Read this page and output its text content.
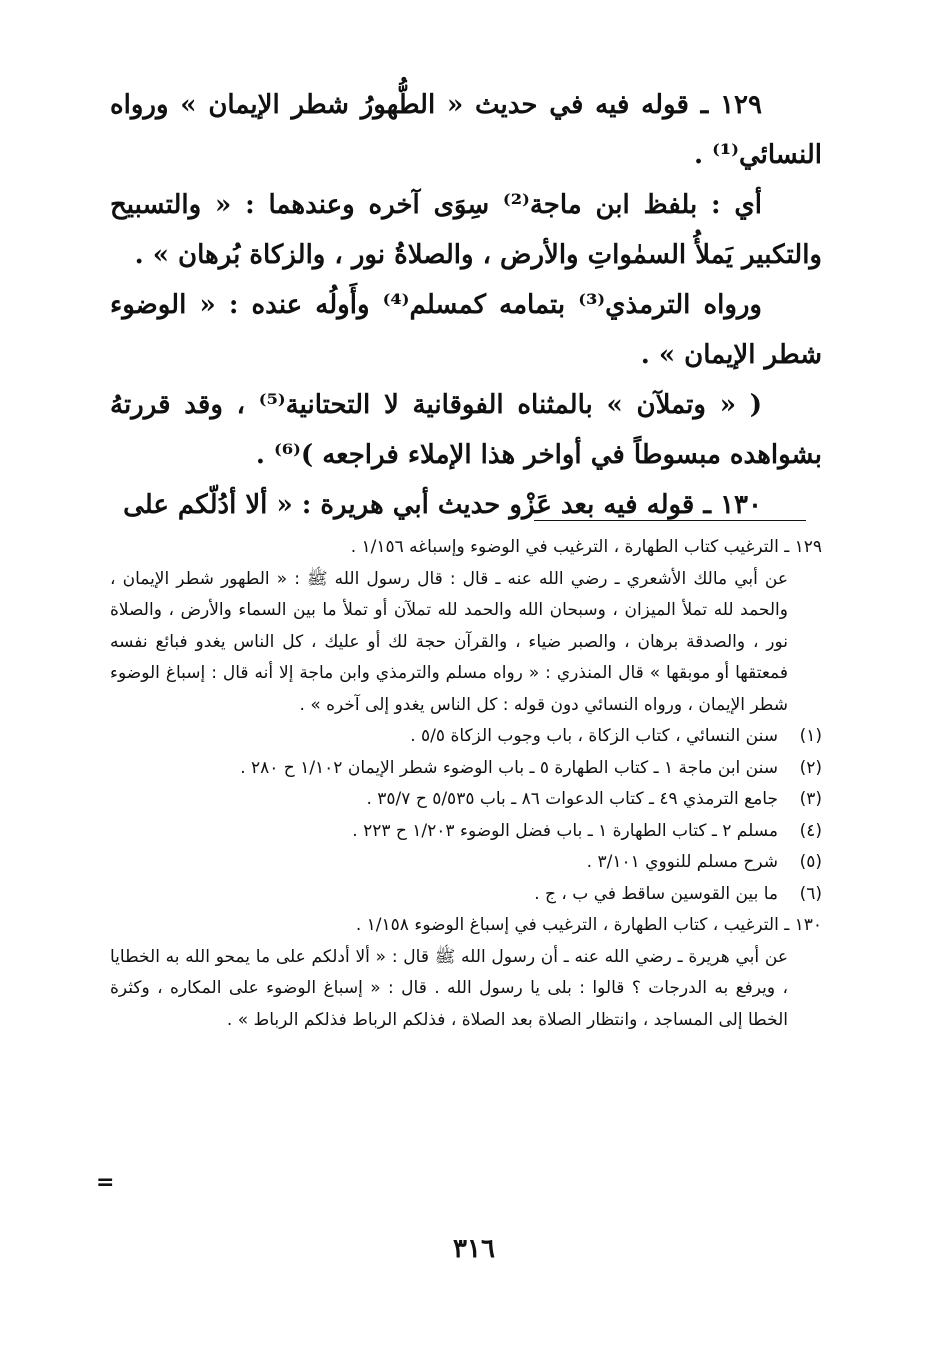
١٢٩ ـ قوله فيه في حديث « الطُّهورُ شطر الإيمان » ورواه النسائي⁽¹⁾ .

أي : بلفظ ابن ماجة⁽²⁾ سِوَى آخره وعندهما : « والتسبيح والتكبير يَملأُ السمٰواتِ والأرض ، والصلاةُ نور ، والزكاة بُرهان » .

ورواه الترمذي⁽³⁾ بتمامه كمسلم⁽⁴⁾ وأَولُه عنده : « الوضوء شطر الإيمان » .

( « وتملآن » بالمثناه الفوقانية لا التحتانية⁽⁵⁾ ، وقد قررتهُ بشواهده مبسوطاً في أواخر هذا الإملاء فراجعه )⁽⁶⁾ .

١٣٠ ـ قوله فيه بعد عَزْو حديث أبي هريرة : « ألا أدُلّكم على

١٢٩ ـ الترغيب كتاب الطهارة ، الترغيب في الوضوء وإسباغه ١/١٥٦ .
عن أبي مالك الأشعري ـ رضي الله عنه ـ قال : قال رسول الله ﷺ : « الطهور شطر الإيمان ، والحمد لله تملأ الميزان ، وسبحان الله والحمد لله تملآن أو تملأ ما بين السماء والأرض ، والصلاة نور ، والصدقة برهان ، والصبر ضياء ، والقرآن حجة لك أو عليك ، كل الناس يغدو فبائع نفسه فمعتقها أو موبقها » قال المنذري : « رواه مسلم والترمذي وابن ماجة إلا أنه قال : إسباغ الوضوء شطر الإيمان ، ورواه النسائي دون قوله : كل الناس يغدو إلى آخره » .
(١)
سنن النسائي ، كتاب الزكاة ، باب وجوب الزكاة ٥/٥ .
(٢)
سنن ابن ماجة ١ ـ كتاب الطهارة ٥ ـ باب الوضوء شطر الإيمان ١/١٠٢ ح ٢٨٠ .
(٣)
جامع الترمذي ٤٩ ـ كتاب الدعوات ٨٦ ـ باب ٥/٥٣٥ ح ٣٥/٧ .
(٤)
مسلم ٢ ـ كتاب الطهارة ١ ـ باب فضل الوضوء ١/٢٠٣ ح ٢٢٣ .
(٥)
شرح مسلم للنووي ٣/١٠١ .
(٦)
ما بين القوسين ساقط في ب ، ج .
١٣٠ ـ الترغيب ، كتاب الطهارة ، الترغيب في إسباغ الوضوء ١/١٥٨ .
عن أبي هريرة ـ رضي الله عنه ـ أن رسول الله ﷺ قال : « ألا أدلكم على ما يمحو الله به الخطايا ، ويرفع به الدرجات ؟ قالوا : بلى يا رسول الله . قال : « إسباغ الوضوء على المكاره ، وكثرة الخطا إلى المساجد ، وانتظار الصلاة بعد الصلاة ، فذلكم الرباط فذلكم الرباط » .
=
٣١٦
